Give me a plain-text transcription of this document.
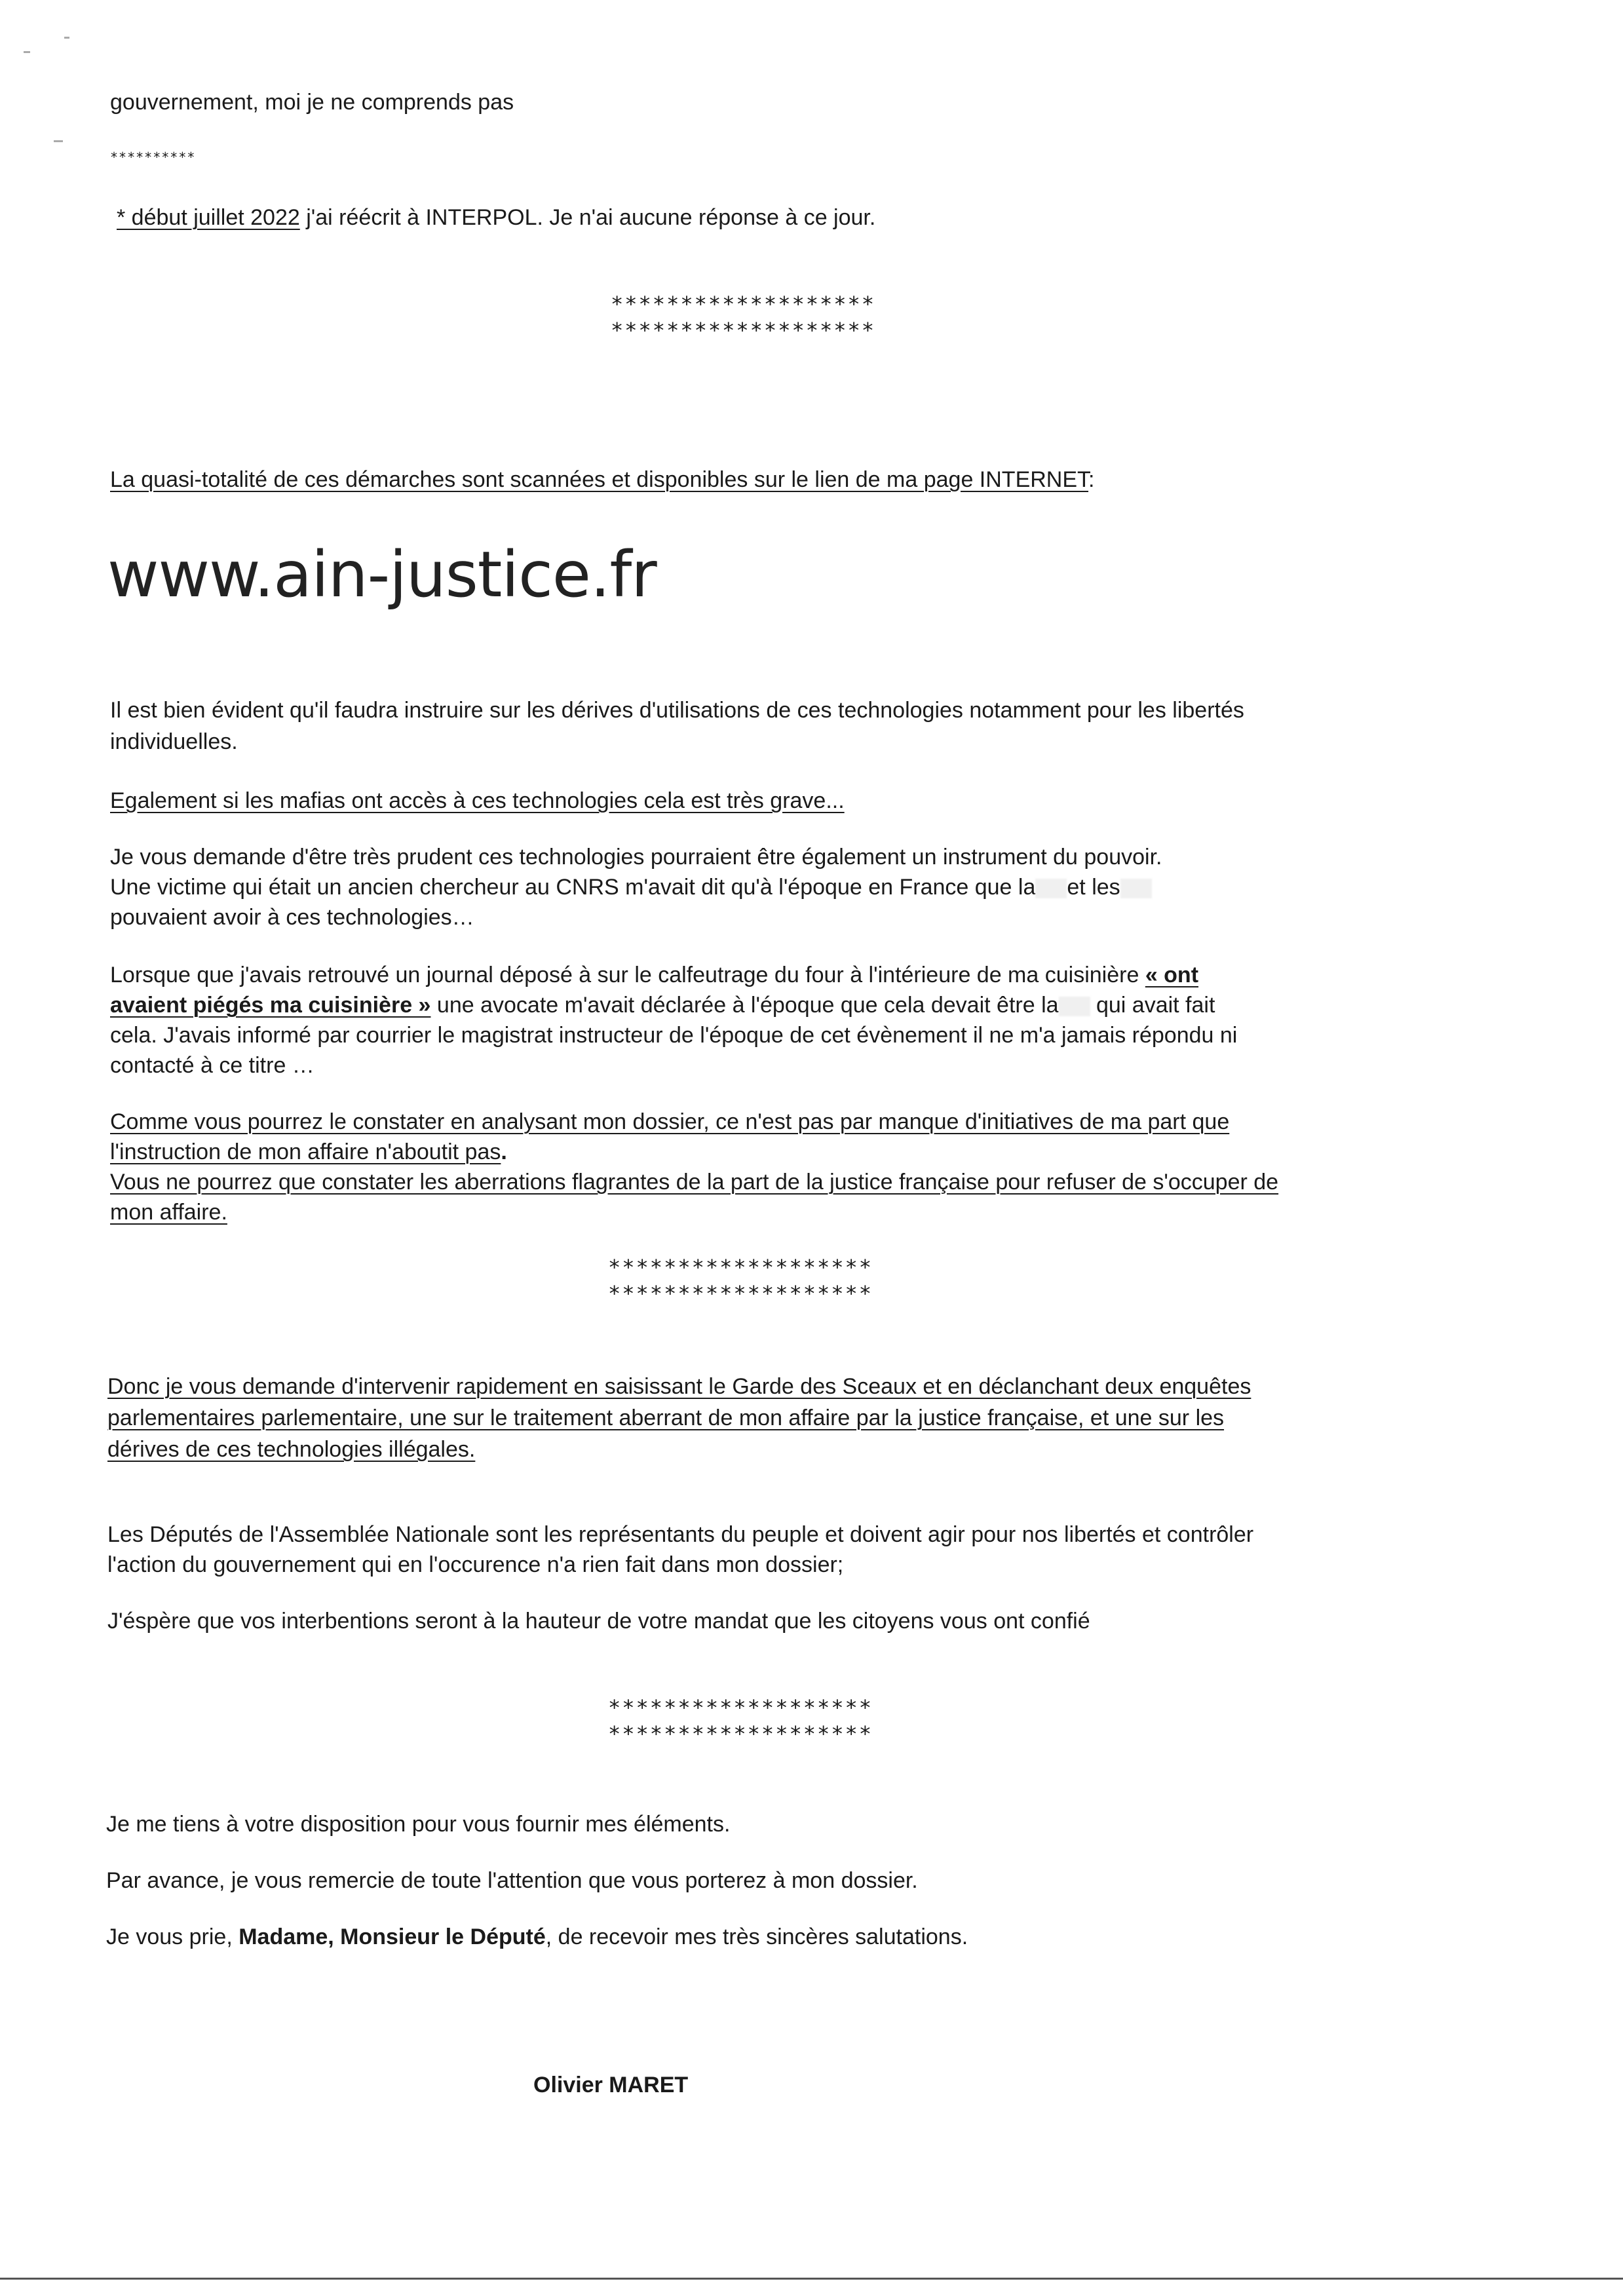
gouvernement, moi je ne comprends pas

**********

* début juillet 2022 j'ai réécrit à INTERPOL. Je n'ai aucune réponse à ce jour.

*******************

*******************

La quasi-totalité de ces démarches sont scannées et disponibles sur le lien de ma page INTERNET:

www.ain-justice.fr

Il est bien évident qu'il faudra instruire sur les dérives d'utilisations de ces technologies notamment pour les libertés

individuelles.

Egalement si les mafias ont accès à ces technologies cela est très grave...

Je vous demande d'être très prudent ces technologies pourraient être également un instrument du pouvoir.

Une victime qui était un ancien chercheur au CNRS m'avait dit qu'à l'époque en France que la et les

pouvaient avoir à ces technologies…

Lorsque que j'avais retrouvé un journal déposé à sur le calfeutrage du four à l'intérieure de ma cuisinière « ont

avaient piégés ma cuisinière » une avocate m'avait déclarée à l'époque que cela devait être la qui avait fait

cela. J'avais informé par courrier le magistrat instructeur de l'époque de cet évènement il ne m'a jamais répondu ni

contacté à ce titre …

Comme vous pourrez le constater en analysant mon dossier, ce n'est pas par manque d'initiatives de ma part que

l'instruction de mon affaire n'aboutit pas.

Vous ne pourrez que constater les aberrations flagrantes de la part de la justice française pour refuser de s'occuper de

mon affaire.

*******************

*******************

Donc je vous demande d'intervenir rapidement en saisissant le Garde des Sceaux et en déclanchant deux enquêtes

parlementaires parlementaire, une sur le traitement aberrant de mon affaire par la justice française, et une sur les

dérives de ces technologies illégales.

Les Députés de l'Assemblée Nationale sont les représentants du peuple et doivent agir pour nos libertés et contrôler

l'action du gouvernement qui en l'occurence n'a rien fait dans mon dossier;

J'éspère que vos interbentions seront à la hauteur de votre mandat que les citoyens vous ont confié

*******************

*******************

Je me tiens à votre disposition pour vous fournir mes éléments.

Par avance, je vous remercie de toute l'attention que vous porterez à mon dossier.

Je vous prie, Madame, Monsieur le Député, de recevoir mes très sincères salutations.

Olivier MARET
